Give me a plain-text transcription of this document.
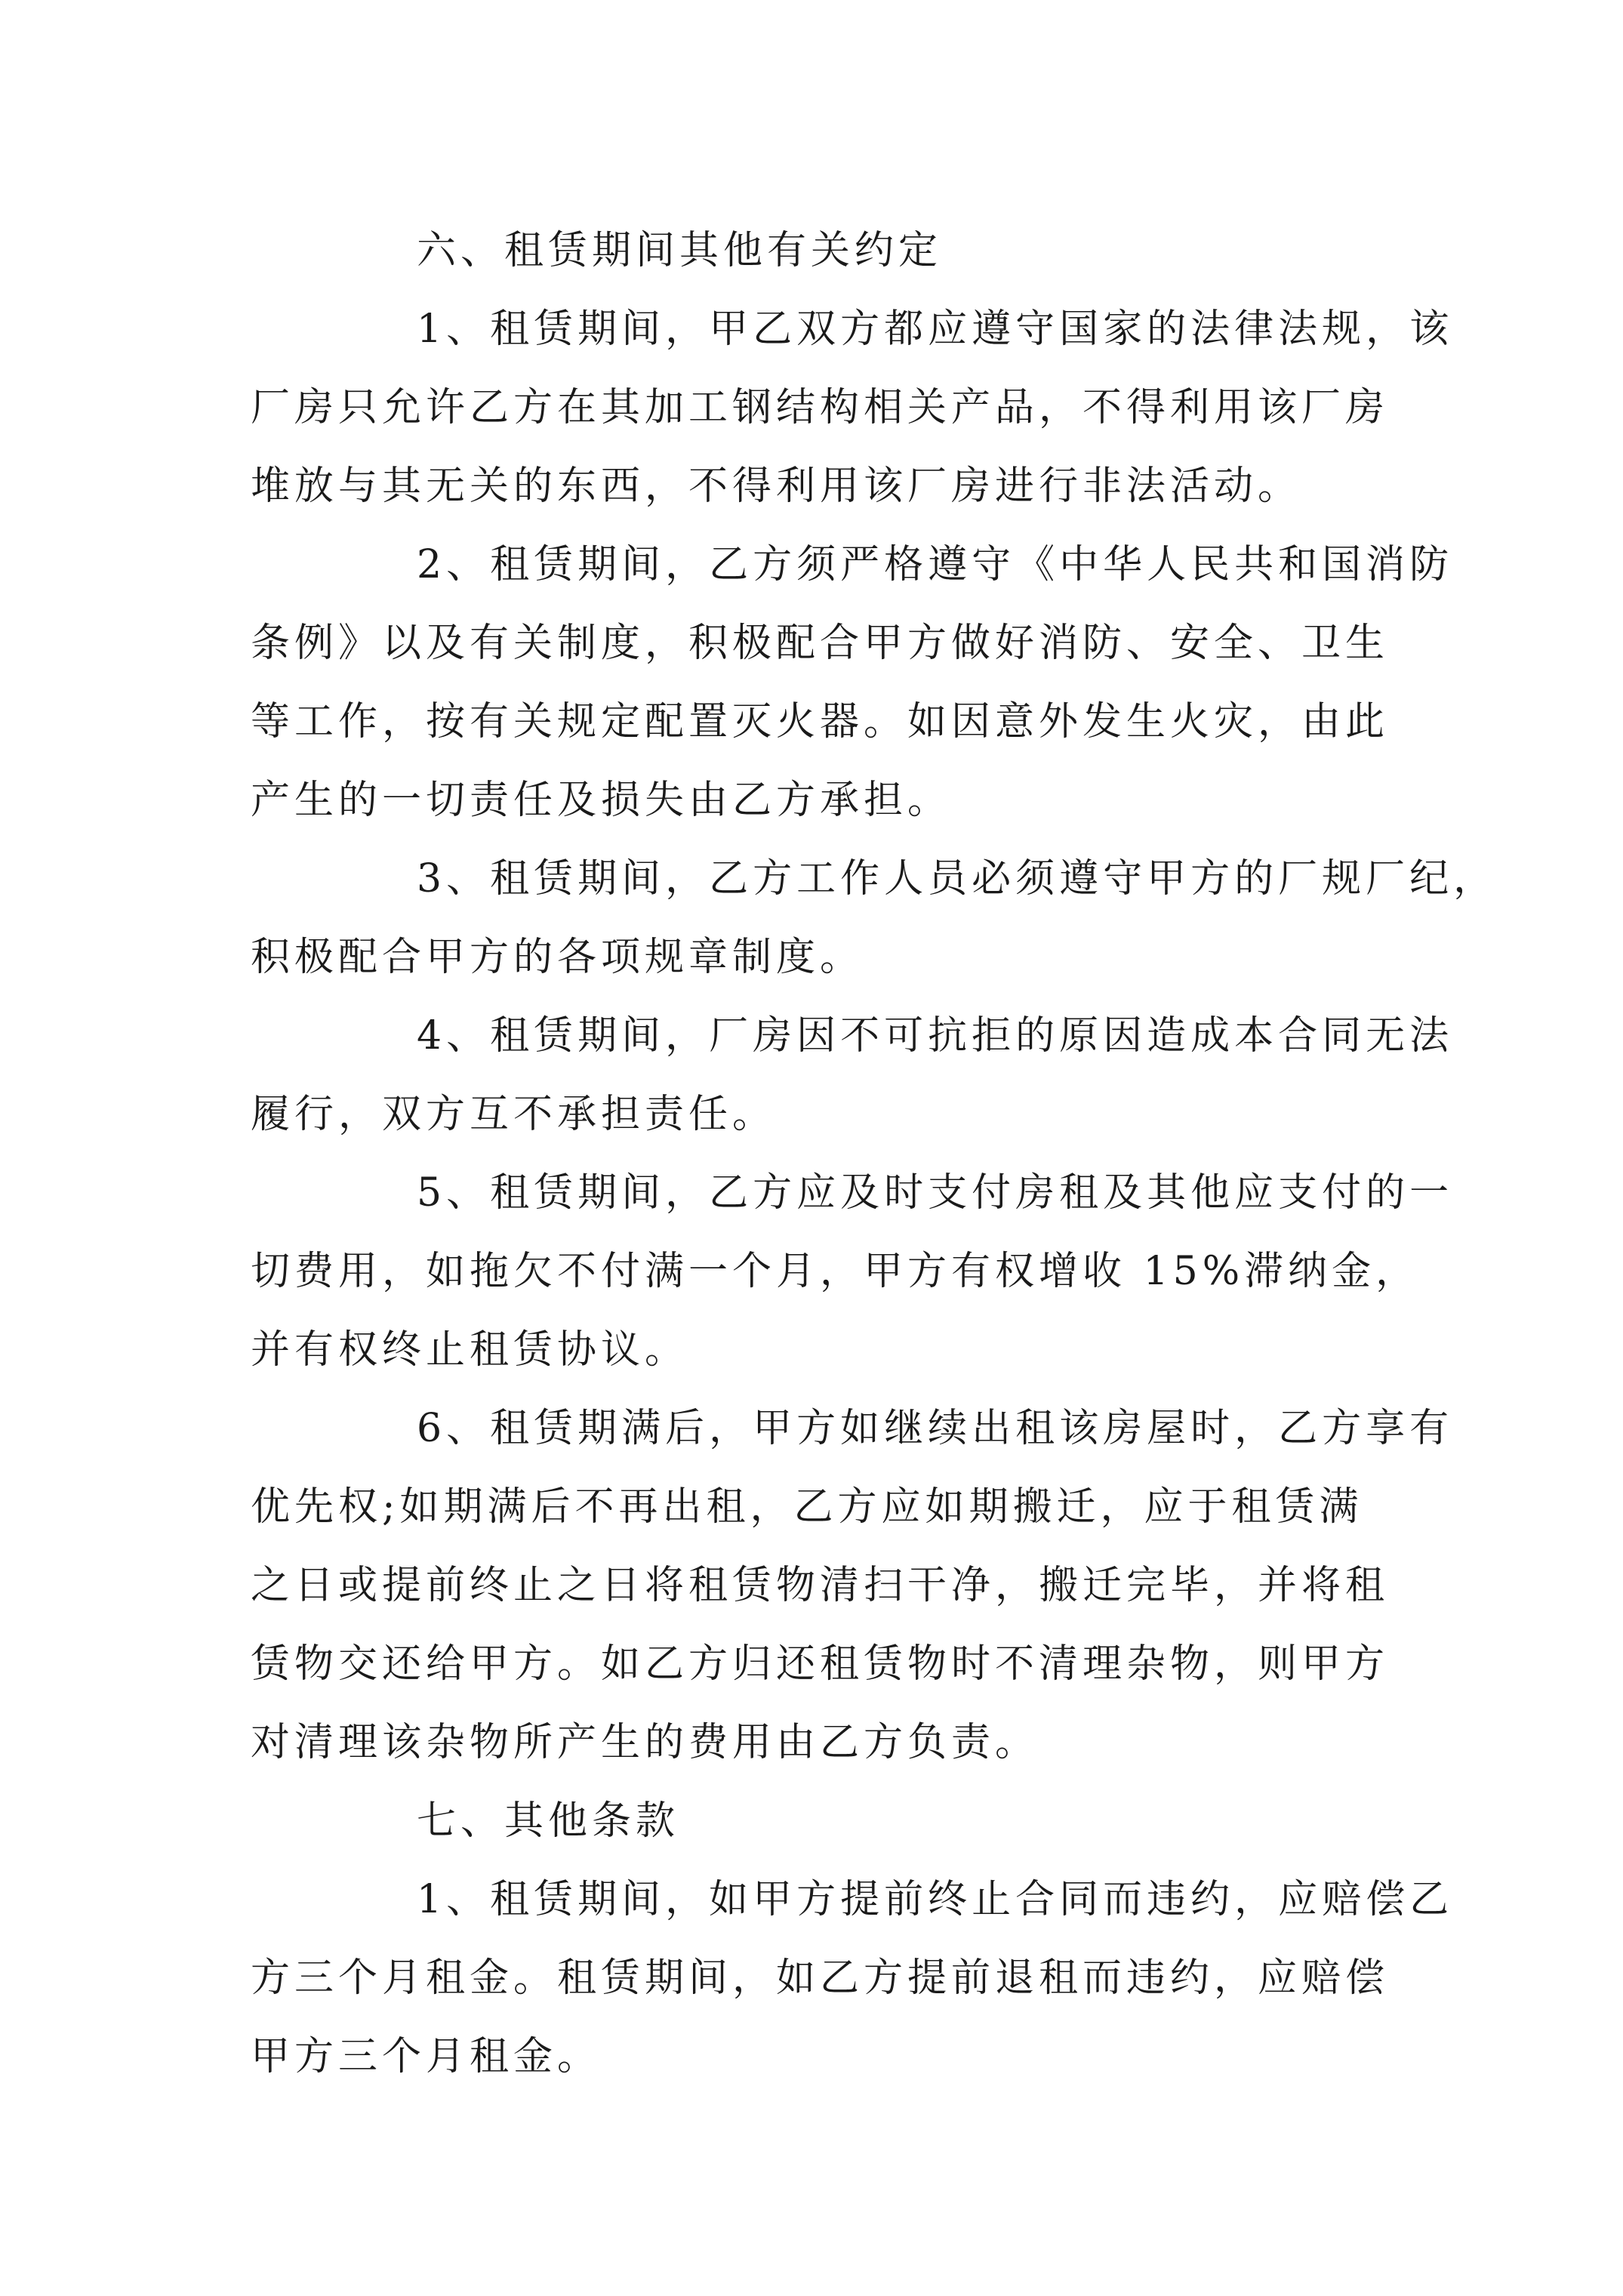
六、租赁期间其他有关约定
1、租赁期间，甲乙双方都应遵守国家的法律法规，该
厂房只允许乙方在其加工钢结构相关产品，不得利用该厂房
堆放与其无关的东西，不得利用该厂房进行非法活动。
2、租赁期间，乙方须严格遵守《中华人民共和国消防
条例》以及有关制度，积极配合甲方做好消防、安全、卫生
等工作，按有关规定配置灭火器。如因意外发生火灾，由此
产生的一切责任及损失由乙方承担。
3、租赁期间，乙方工作人员必须遵守甲方的厂规厂纪，
积极配合甲方的各项规章制度。
4、租赁期间，厂房因不可抗拒的原因造成本合同无法
履行，双方互不承担责任。
5、租赁期间，乙方应及时支付房租及其他应支付的一
切费用，如拖欠不付满一个月，甲方有权增收 15%滞纳金，
并有权终止租赁协议。
6、租赁期满后，甲方如继续出租该房屋时，乙方享有
优先权;如期满后不再出租，乙方应如期搬迁，应于租赁满
之日或提前终止之日将租赁物清扫干净，搬迁完毕，并将租
赁物交还给甲方。如乙方归还租赁物时不清理杂物，则甲方
对清理该杂物所产生的费用由乙方负责。
七、其他条款
1、租赁期间，如甲方提前终止合同而违约，应赔偿乙
方三个月租金。租赁期间，如乙方提前退租而违约，应赔偿
甲方三个月租金。
